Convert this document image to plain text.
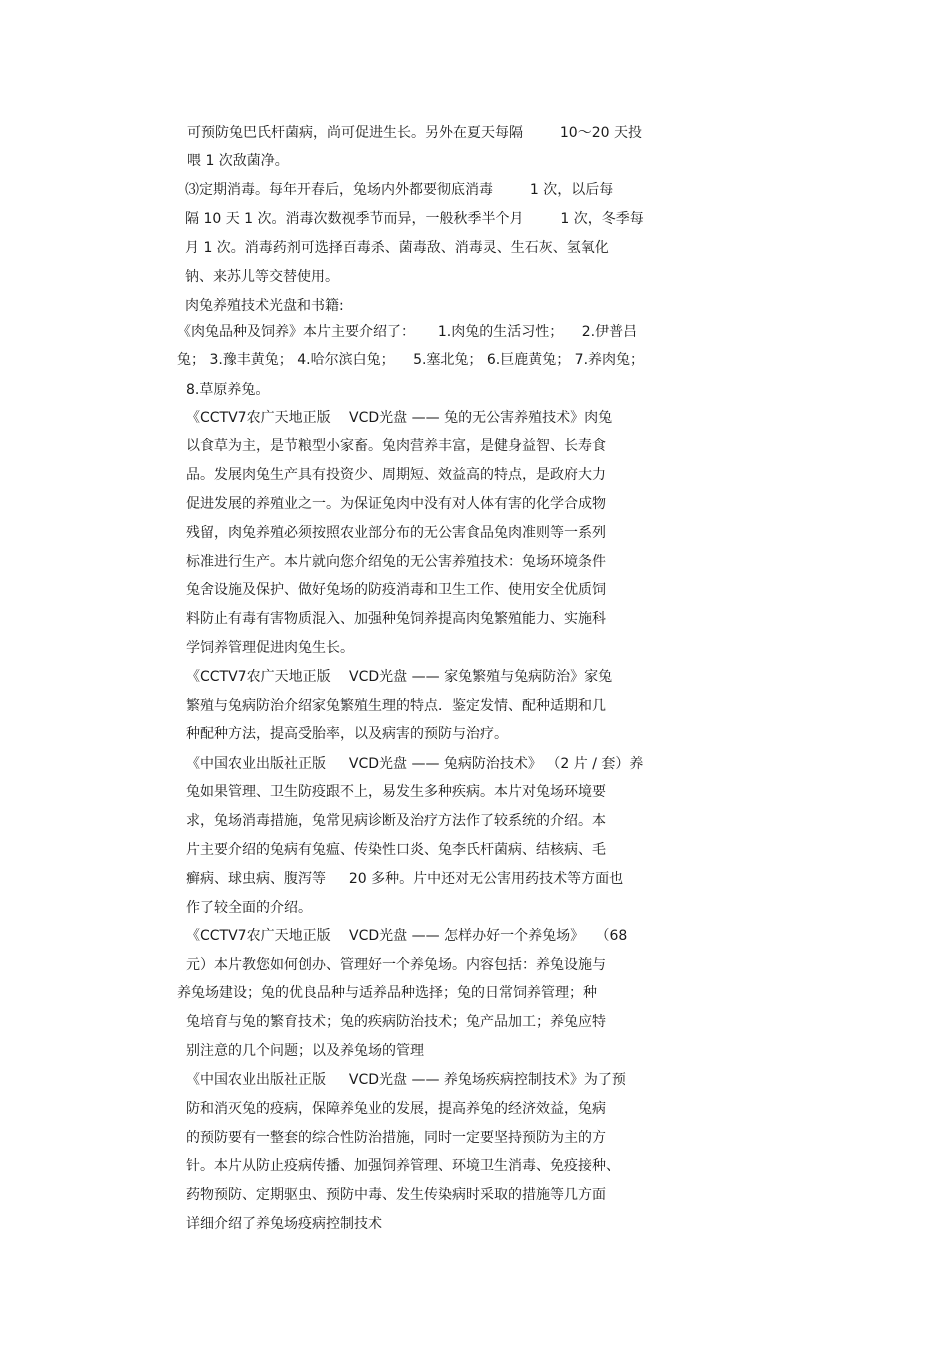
可预防兔巴氏杆菌病，尚可促进生长。另外在夏天每隔 　　 10～20 天投
喂 1 次敌菌净。
⑶定期消毒。每年开春后，兔场内外都要彻底消毒 　　 1 次，以后每
隔 10 天 1 次。消毒次数视季节而异，一般秋季半个月 　　 1 次，冬季每
月 1 次。消毒药剂可选择百毒杀、菌毒敌、消毒灵、生石灰、氢氧化
钠、来苏儿等交替使用。
肉兔养殖技术光盘和书籍:
《肉兔品种及饲养》本片主要介绍了： 　 1.肉兔的生活习性； 　2.伊普吕
兔； 3.豫丰黄兔； 4.哈尔滨白兔； 　5.塞北兔； 6.巨鹿黄兔； 7.养肉兔；
8.草原养兔。
《CCTV7农广天地正版 　VCD光盘 —— 兔的无公害养殖技术》肉兔
以食草为主，是节粮型小家畜。兔肉营养丰富，是健身益智、长寿食
品。发展肉兔生产具有投资少、周期短、效益高的特点，是政府大力
促进发展的养殖业之一。为保证兔肉中没有对人体有害的化学合成物
残留，肉兔养殖必须按照农业部分布的无公害食品兔肉准则等一系列
标准进行生产。本片就向您介绍兔的无公害养殖技术：兔场环境条件
兔舍设施及保护、做好兔场的防疫消毒和卫生工作、使用安全优质饲
料防止有毒有害物质混入、加强种兔饲养提高肉兔繁殖能力、实施科
学饲养管理促进肉兔生长。
《CCTV7农广天地正版 　VCD光盘 —— 家兔繁殖与兔病防治》家兔
繁殖与兔病防治介绍家兔繁殖生理的特点．鉴定发情、配种适期和几
种配种方法，提高受胎率，以及病害的预防与治疗。
《中国农业出版社正版 　 VCD光盘 —— 兔病防治技术》 （2 片 / 套）养
兔如果管理、卫生防疫跟不上，易发生多种疾病。本片对兔场环境要
求，兔场消毒措施，兔常见病诊断及治疗方法作了较系统的介绍。本
片主要介绍的兔病有兔瘟、传染性口炎、兔李氏杆菌病、结核病、毛
癣病、球虫病、腹泻等 　 20 多种。片中还对无公害用药技术等方面也
作了较全面的介绍。
《CCTV7农广天地正版 　VCD光盘 —— 怎样办好一个养兔场》 　（68
元）本片教您如何创办、管理好一个养兔场。内容包括：养兔设施与
养兔场建设；兔的优良品种与适养品种选择；兔的日常饲养管理；种
兔培育与兔的繁育技术；兔的疾病防治技术；兔产品加工；养兔应特
别注意的几个问题；以及养兔场的管理
《中国农业出版社正版 　 VCD光盘 —— 养兔场疾病控制技术》为了预
防和消灭兔的疫病，保障养兔业的发展，提高养兔的经济效益，兔病
的预防要有一整套的综合性防治措施，同时一定要坚持预防为主的方
针。本片从防止疫病传播、加强饲养管理、环境卫生消毒、免疫接种、
药物预防、定期驱虫、预防中毒、发生传染病时采取的措施等几方面
详细介绍了养兔场疫病控制技术
